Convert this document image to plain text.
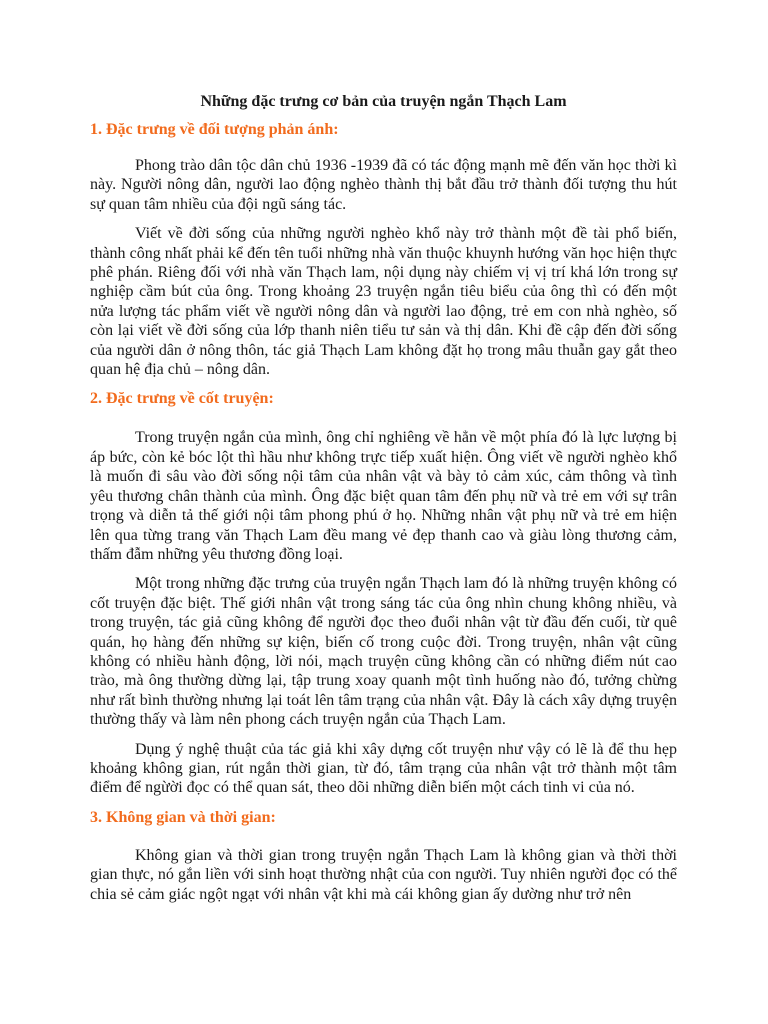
Những đặc trưng cơ bản của truyện ngắn Thạch Lam
1. Đặc trưng về đối tượng phản ánh:

Phong trào dân tộc dân chủ 1936 -1939 đã có tác động mạnh mẽ đến văn học thời kì này. Người nông dân, người lao động nghèo thành thị bắt đầu trở thành đối tượng thu hút sự quan tâm nhiều của đội ngũ sáng tác.

Viết về đời sống của những người nghèo khổ này trở thành một đề tài phổ biến, thành công nhất phải kể đến tên tuổi những nhà văn thuộc khuynh hướng văn học hiện thực phê phán. Riêng đối với nhà văn Thạch lam, nội dụng này chiếm vị vị trí khá lớn trong sự nghiệp cầm bút của ông. Trong khoảng 23 truyện ngắn tiêu biểu của ông thì có đến một nửa lượng tác phẩm viết về người nông dân và người lao động, trẻ em con nhà nghèo, số còn lại viết về đời sống của lớp thanh niên tiểu tư sản và thị dân. Khi đề cập đến đời sống của người dân ở nông thôn, tác giả Thạch Lam không đặt họ trong mâu thuẫn gay gắt theo quan hệ địa chủ – nông dân.

2. Đặc trưng về cốt truyện:

Trong truyện ngắn của mình, ông chỉ nghiêng về hẳn về một phía đó là lực lượng bị áp bức, còn kẻ bóc lột thì hầu như không trực tiếp xuất hiện. Ông viết về người nghèo khổ là muốn đi sâu vào đời sống nội tâm của nhân vật và bày tỏ cảm xúc, cảm thông và tình yêu thương chân thành của mình. Ông đặc biệt quan tâm đến phụ nữ và trẻ em với sự trân trọng và diễn tả thế giới nội tâm phong phú ở họ. Những nhân vật phụ nữ và trẻ em hiện lên qua từng trang văn Thạch Lam đều mang vẻ đẹp thanh cao và giàu lòng thương cảm, thấm đẫm những yêu thương đồng loại.

Một trong những đặc trưng của truyện ngắn Thạch lam đó là những truyện không có cốt truyện đặc biệt. Thế giới nhân vật trong sáng tác của ông nhìn chung không nhiều, và trong truyện, tác giả cũng không để người đọc theo đuổi nhân vật từ đầu đến cuối, từ quê quán, họ hàng đến những sự kiện, biến cố trong cuộc đời. Trong truyện, nhân vật cũng không có nhiều hành động, lời nói, mạch truyện cũng không cần có những điểm nút cao trào, mà ông thường dừng lại, tập trung xoay quanh một tình huống nào đó, tưởng chừng như rất bình thường nhưng lại toát lên tâm trạng của nhân vật. Đây là cách xây dựng truyện thường thấy và làm nên phong cách truyện ngắn của Thạch Lam.

Dụng ý nghệ thuật của tác giả khi xây dựng cốt truyện như vậy có lẽ là để thu hẹp khoảng không gian, rút ngắn thời gian, từ đó, tâm trạng của nhân vật trở thành một tâm điểm để ngừời đọc có thể quan sát, theo dõi những diễn biến một cách tinh vi của nó.

3. Không gian và thời gian:

Không gian và thời gian trong truyện ngắn Thạch Lam là không gian và thời thời gian thực, nó gắn liền với sinh hoạt thường nhật của con người. Tuy nhiên người đọc có thể chia sẻ cảm giác ngột ngạt với nhân vật khi mà cái không gian ấy dường như trở nên
